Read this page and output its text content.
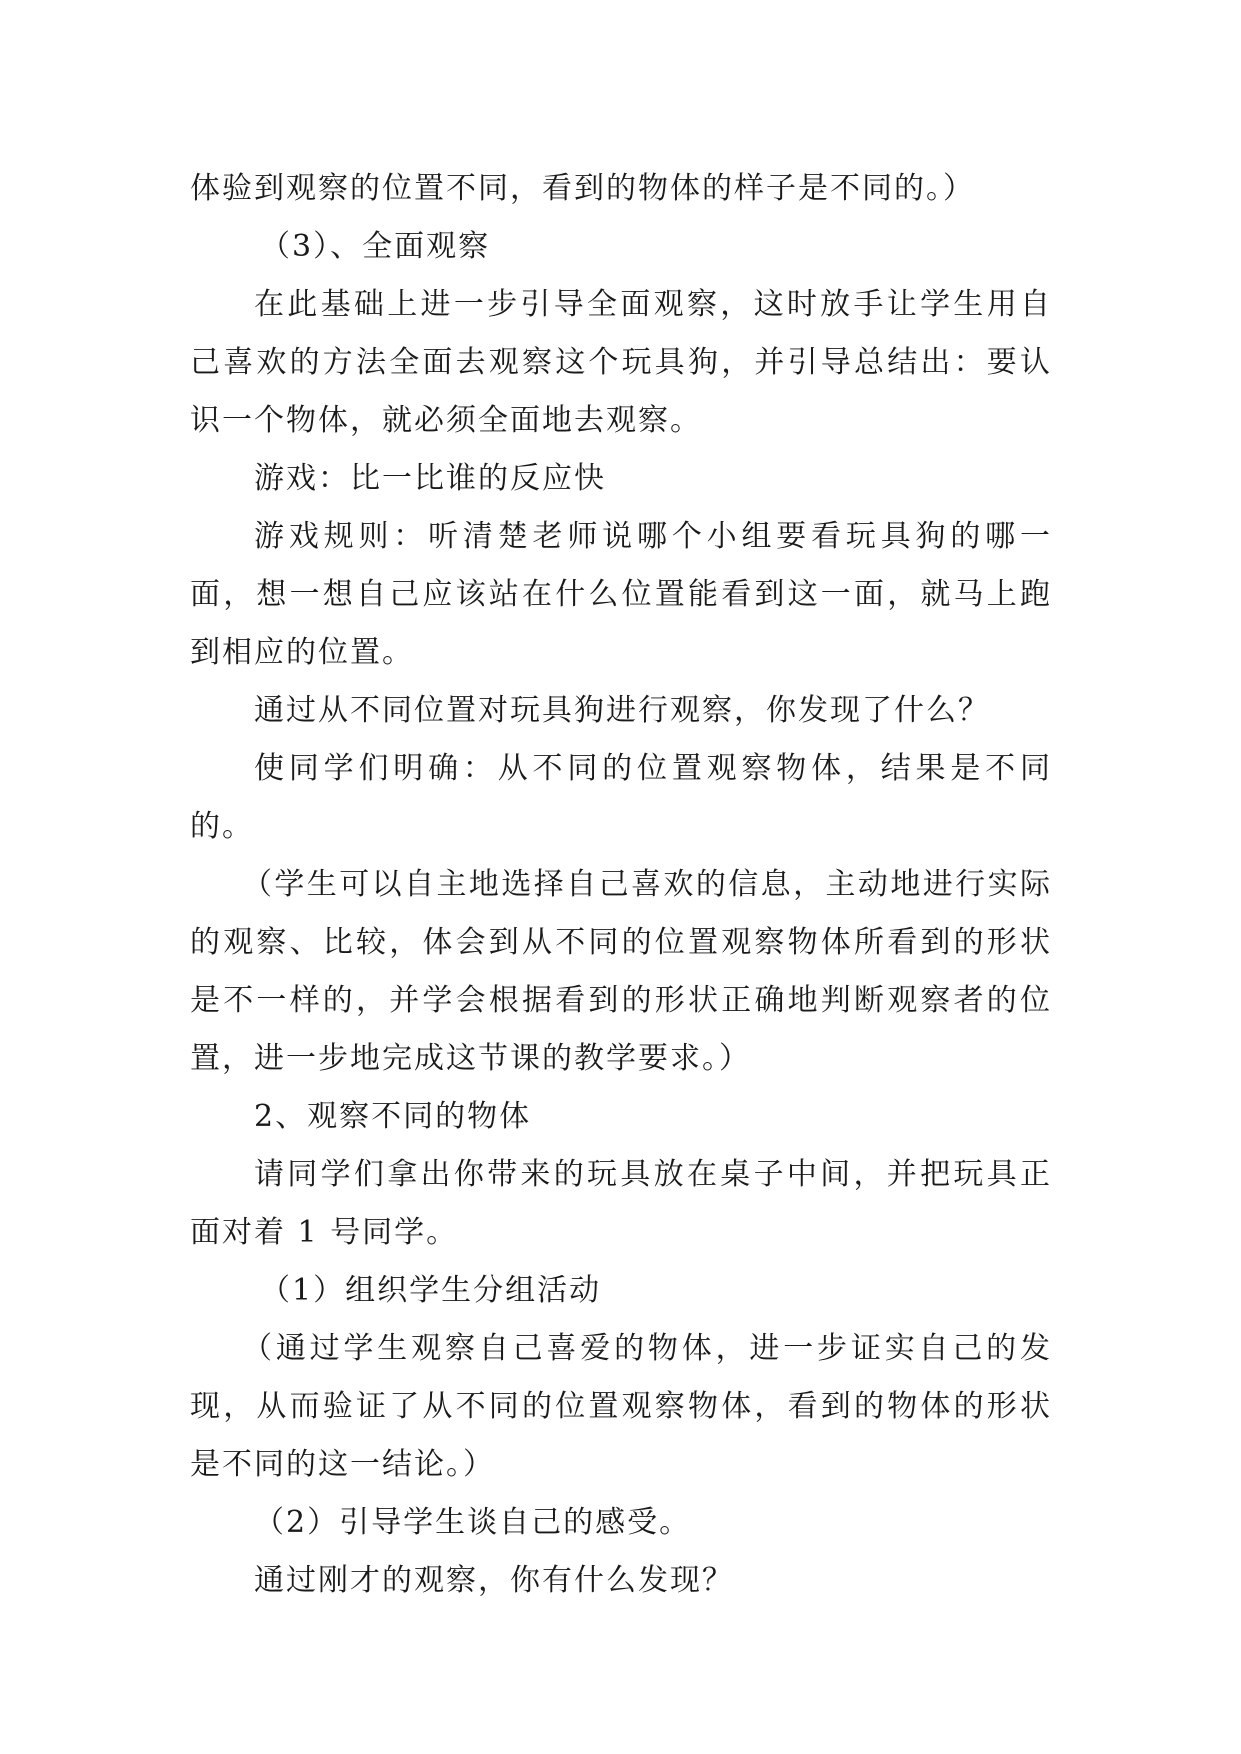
体验到观察的位置不同，看到的物体的样子是不同的。）

（3）、全面观察

在此基础上进一步引导全面观察，这时放手让学生用自己喜欢的方法全面去观察这个玩具狗，并引导总结出：要认识一个物体，就必须全面地去观察。

游戏：比一比谁的反应快

游戏规则：听清楚老师说哪个小组要看玩具狗的哪一面，想一想自己应该站在什么位置能看到这一面，就马上跑到相应的位置。

通过从不同位置对玩具狗进行观察，你发现了什么？

使同学们明确：从不同的位置观察物体，结果是不同的。

（学生可以自主地选择自己喜欢的信息，主动地进行实际的观察、比较，体会到从不同的位置观察物体所看到的形状是不一样的，并学会根据看到的形状正确地判断观察者的位置，进一步地完成这节课的教学要求。）

2、观察不同的物体

请同学们拿出你带来的玩具放在桌子中间，并把玩具正面对着 1 号同学。

（1）组织学生分组活动

（通过学生观察自己喜爱的物体，进一步证实自己的发现，从而验证了从不同的位置观察物体，看到的物体的形状是不同的这一结论。）

（2）引导学生谈自己的感受。

通过刚才的观察，你有什么发现？
